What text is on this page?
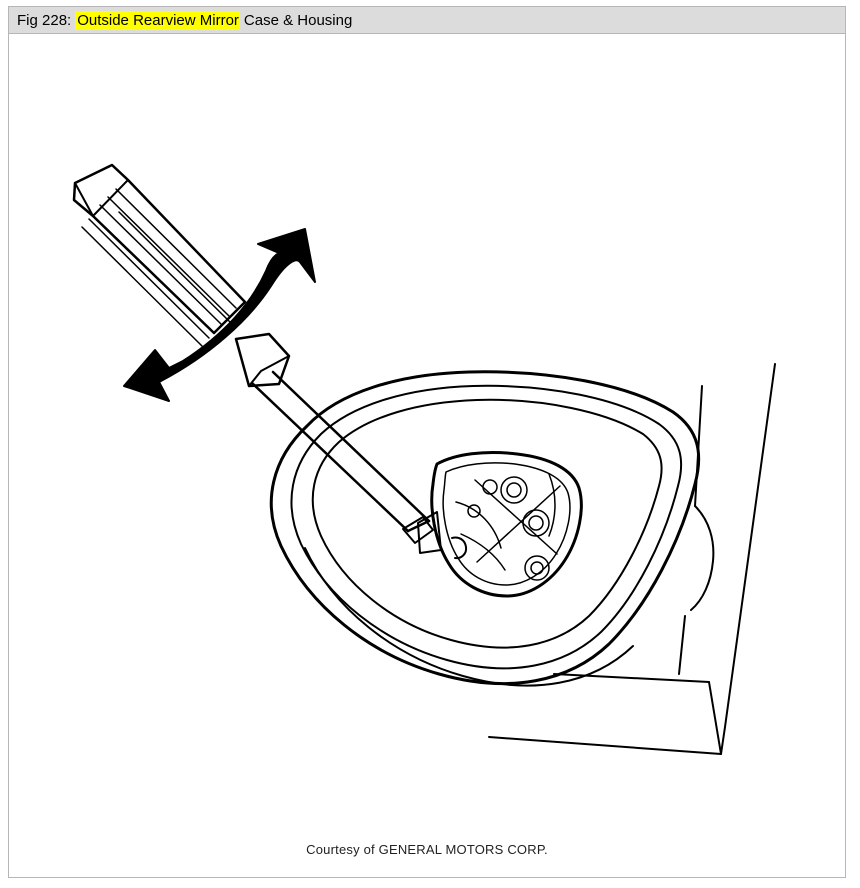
Fig 228: Outside Rearview Mirror Case & Housing
Courtesy of GENERAL MOTORS CORP.
